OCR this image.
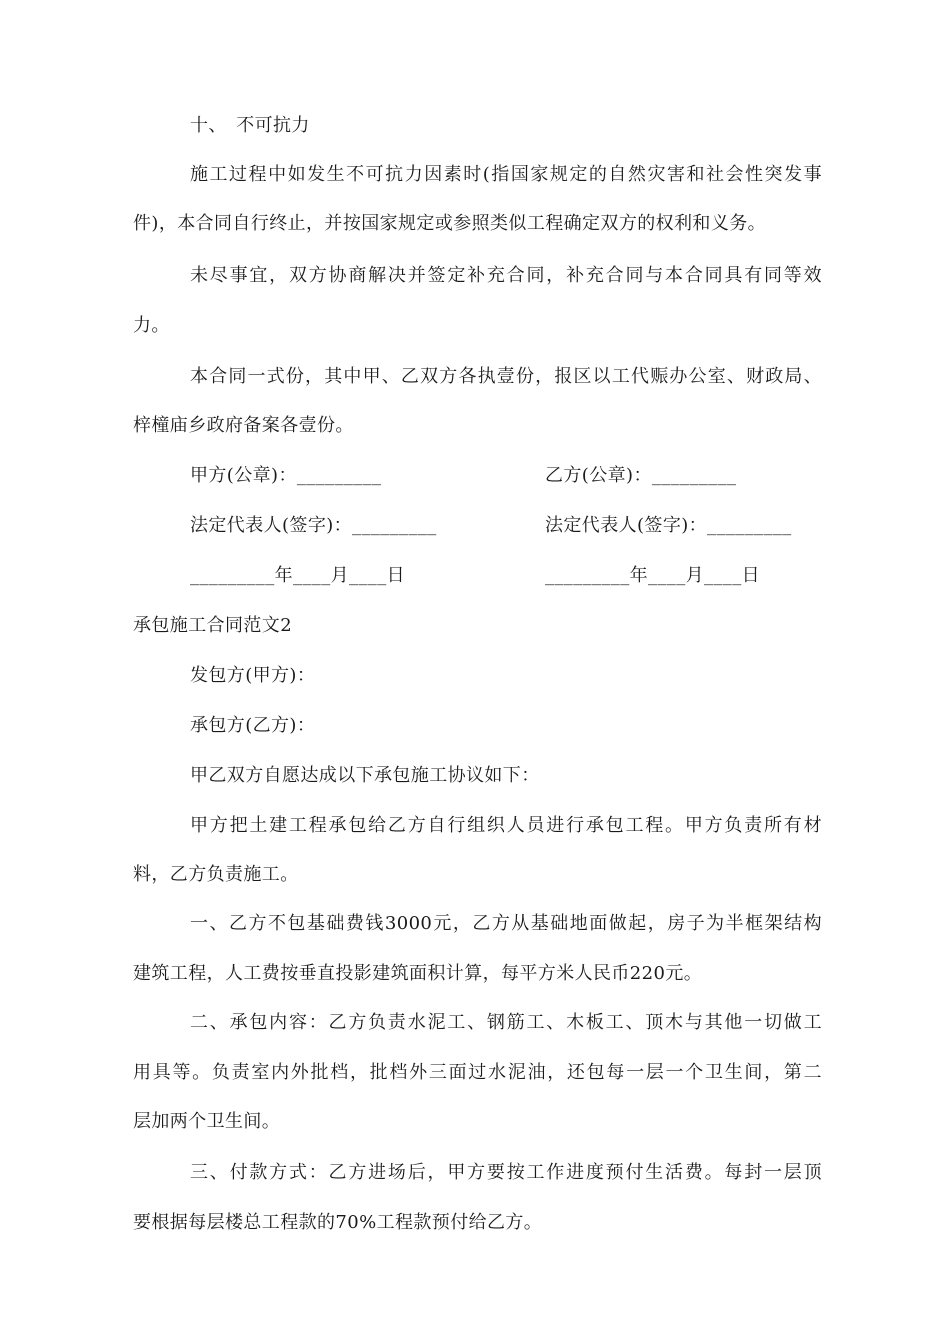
十、　不可抗力
施工过程中如发生不可抗力因素时(指国家规定的自然灾害和社会性突发事
件)，本合同自行终止，并按国家规定或参照类似工程确定双方的权利和义务。
未尽事宜，双方协商解决并签定补充合同，补充合同与本合同具有同等效
力。
本合同一式份，其中甲、乙双方各执壹份，报区以工代赈办公室、财政局、
梓橦庙乡政府备案各壹份。
甲方(公章)：_________	乙方(公章)：_________
法定代表人(签字)：_________	法定代表人(签字)：_________
_________年____月____日	_________年____月____日
承包施工合同范文2
发包方(甲方)：
承包方(乙方)：
甲乙双方自愿达成以下承包施工协议如下：
甲方把土建工程承包给乙方自行组织人员进行承包工程。甲方负责所有材
料，乙方负责施工。
一、乙方不包基础费钱3000元，乙方从基础地面做起，房子为半框架结构
建筑工程，人工费按垂直投影建筑面积计算，每平方米人民币220元。
二、承包内容：乙方负责水泥工、钢筋工、木板工、顶木与其他一切做工
用具等。负责室内外批档，批档外三面过水泥油，还包每一层一个卫生间，第二
层加两个卫生间。
三、付款方式：乙方进场后，甲方要按工作进度预付生活费。每封一层顶
要根据每层楼总工程款的70%工程款预付给乙方。
